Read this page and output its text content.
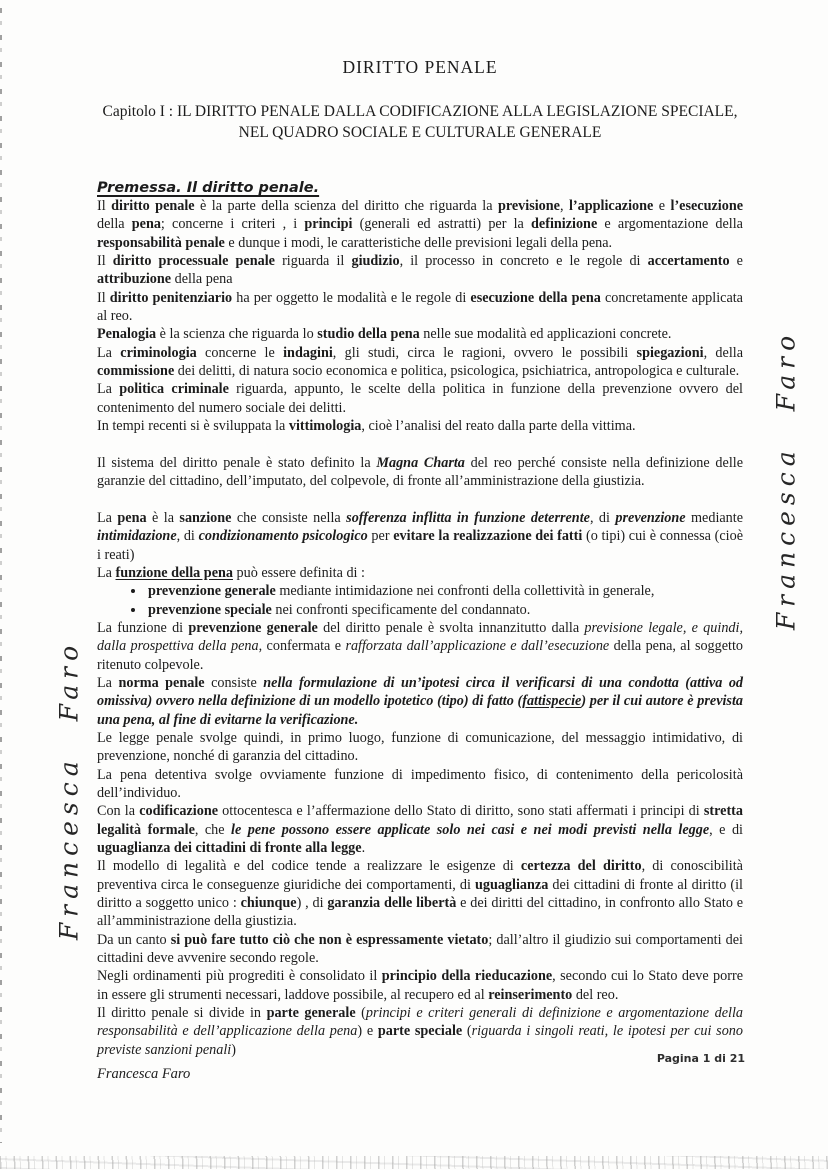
Francesca Faro
Francesca Faro
DIRITTO PENALE
Capitolo I : IL DIRITTO PENALE DALLA CODIFICAZIONE ALLA LEGISLAZIONE SPECIALE, NEL QUADRO SOCIALE E CULTURALE GENERALE
Premessa. Il diritto penale.

Il diritto penale è la parte della scienza del diritto che riguarda la previsione, l’applicazione e l’esecuzione della pena; concerne i criteri , i principi (generali ed astratti) per la definizione e argomentazione della responsabilità penale e dunque i modi, le caratteristiche delle previsioni legali della pena.

Il diritto processuale penale riguarda il giudizio, il processo in concreto e le regole di accertamento e attribuzione della pena

Il diritto penitenziario ha per oggetto le modalità e le regole di esecuzione della pena concretamente applicata al reo.

Penalogia è la scienza che riguarda lo studio della pena nelle sue modalità ed applicazioni concrete.

La criminologia concerne le indagini, gli studi, circa le ragioni, ovvero le possibili spiegazioni, della commissione dei delitti, di natura socio economica e politica, psicologica, psichiatrica, antropologica e culturale.

La politica criminale riguarda, appunto, le scelte della politica in funzione della prevenzione ovvero del contenimento del numero sociale dei delitti.

In tempi recenti si è sviluppata la vittimologia, cioè l’analisi del reato dalla parte della vittima.

Il sistema del diritto penale è stato definito la Magna Charta del reo perché consiste nella definizione delle garanzie del cittadino, dell’imputato, del colpevole, di fronte all’amministrazione della giustizia.

La pena è la sanzione che consiste nella sofferenza inflitta in funzione deterrente, di prevenzione mediante intimidazione, di condizionamento psicologico per evitare la realizzazione dei fatti (o tipi) cui è connessa (cioè i reati)

La funzione della pena può essere definita di :

• prevenzione generale mediante intimidazione nei confronti della collettività in generale,
• prevenzione speciale nei confronti specificamente del condannato.

La funzione di prevenzione generale del diritto penale è svolta innanzitutto dalla previsione legale, e quindi, dalla prospettiva della pena, confermata e rafforzata dall’applicazione e dall’esecuzione della pena, al soggetto ritenuto colpevole.

La norma penale consiste nella formulazione di un’ipotesi circa il verificarsi di una condotta (attiva od omissiva) ovvero nella definizione di un modello ipotetico (tipo) di fatto (fattispecie) per il cui autore è prevista una pena, al fine di evitarne la verificazione.

Le legge penale svolge quindi, in primo luogo, funzione di comunicazione, del messaggio intimidativo, di prevenzione, nonché di garanzia del cittadino.

La pena detentiva svolge ovviamente funzione di impedimento fisico, di contenimento della pericolosità dell’individuo.

Con la codificazione ottocentesca e l’affermazione dello Stato di diritto, sono stati affermati i principi di stretta legalità formale, che le pene possono essere applicate solo nei casi e nei modi previsti nella legge, e di uguaglianza dei cittadini di fronte alla legge.

Il modello di legalità e del codice tende a realizzare le esigenze di certezza del diritto, di conoscibilità preventiva circa le conseguenze giuridiche dei comportamenti, di uguaglianza dei cittadini di fronte al diritto (il diritto a soggetto unico : chiunque) , di garanzia delle libertà e dei diritti del cittadino, in confronto allo Stato e all’amministrazione della giustizia.

Da un canto si può fare tutto ciò che non è espressamente vietato; dall’altro il giudizio sui comportamenti dei cittadini deve avvenire secondo regole.

Negli ordinamenti più progrediti è consolidato il principio della rieducazione, secondo cui lo Stato deve porre in essere gli strumenti necessari, laddove possibile, al recupero ed al reinserimento del reo.

Il diritto penale si divide in parte generale (principi e criteri generali di definizione e argomentazione della responsabilità e dell’applicazione della pena) e parte speciale (riguarda i singoli reati, le ipotesi per cui sono previste sanzioni penali)

Pagina 1 di 21
Francesca Faro
